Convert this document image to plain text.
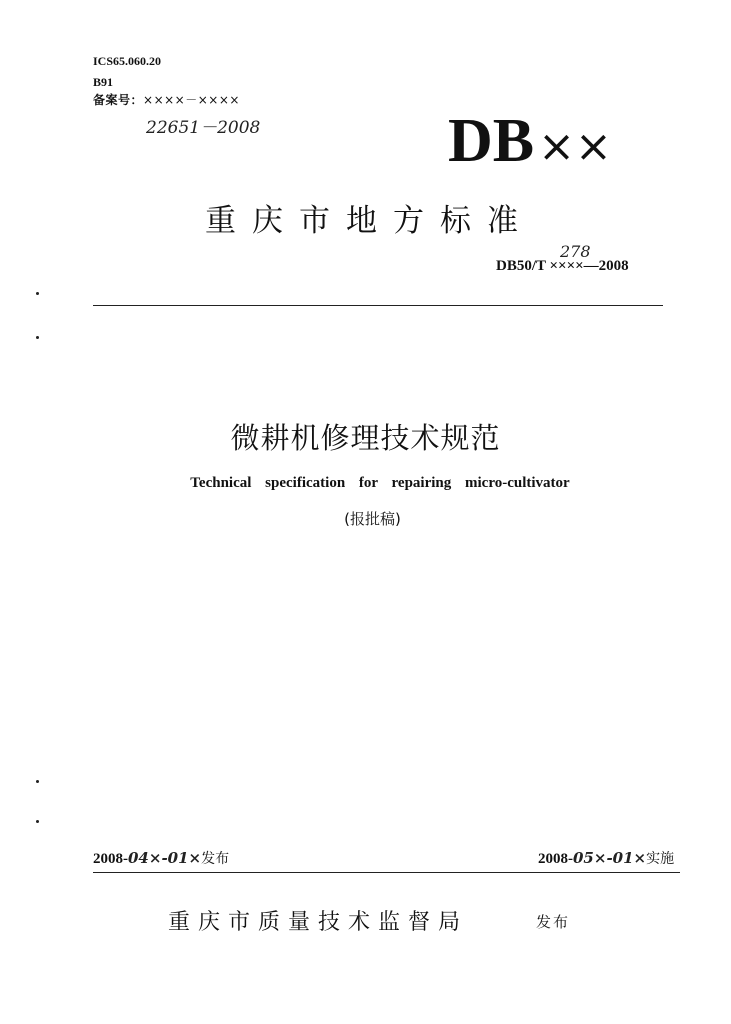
ICS65.060.20
B91
备案号：××××－××××
22651－2008	DB××
重庆市地方标准
278
DB50/T ××××—2008
微耕机修理技术规范
Technical specification for repairing micro-cultivator
(报批稿)
2008-04×-01×发布	2008-05×-01×实施
重庆市质量技术监督局	发布
